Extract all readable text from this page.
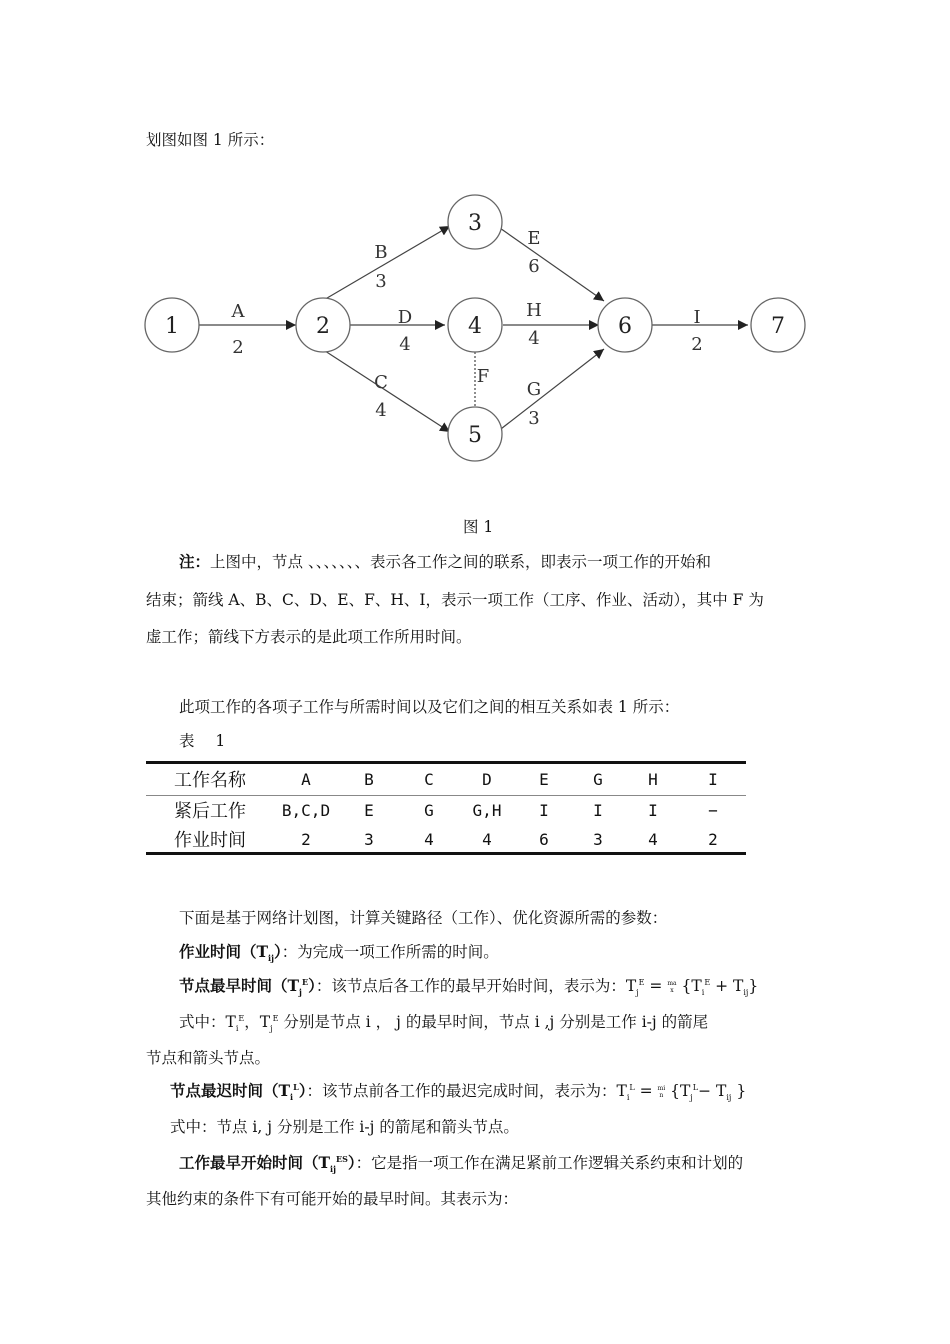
划图如图 1 所示：
1	2
3
4
5
6	7
A
2
B
3
C
4
D
4
E
6
F
G
3
H
4
I
2
图 1
注：上图中，节点 、、、、、、、表示各工作之间的联系，即表示一项工作的开始和
结束；箭线 A、B、C、D、E、F、H、I，表示一项工作（工序、作业、活动），其中 F 为
虚工作；箭线下方表示的是此项工作所用时间。
此项工作的各项子工作与所需时间以及它们之间的相互关系如表 1 所示：
表 1
工作名称	A	B	C	D	E	G	H	I
紧后工作	B,C,D	E	G	G,H	I	I	I	−
作业时间	2	3	4	4	6	3	4	2
下面是基于网络计划图，计算关键路径（工作）、优化资源所需的参数：
作业时间$(T_{ij})$：为完成一项工作所需的时间。
节点最早时间$(T_j^E)$：该节点后各工作的最早开始时间，表示为：$T_j^E$ = ma
x $\{T_i^E + T_{ij}\}$
式中：$T_i^E$，$T_j^E$ 分别是节点 i ， j 的最早时间，节点 i ,j 分别是工作 i-j 的箭尾
节点和箭头节点。
节点最迟时间$(T_i^L)$：该节点前各工作的最迟完成时间，表示为：$T_i^L$ = mi
n {$T_j^L- T_{ij}$ }
式中：节点 i, j 分别是工作 i-j 的箭尾和箭头节点。
工作最早开始时间$(T_{ij}^{ES})$：它是指一项工作在满足紧前工作逻辑关系约束和计划的
其他约束的条件下有可能开始的最早时间。其表示为：
